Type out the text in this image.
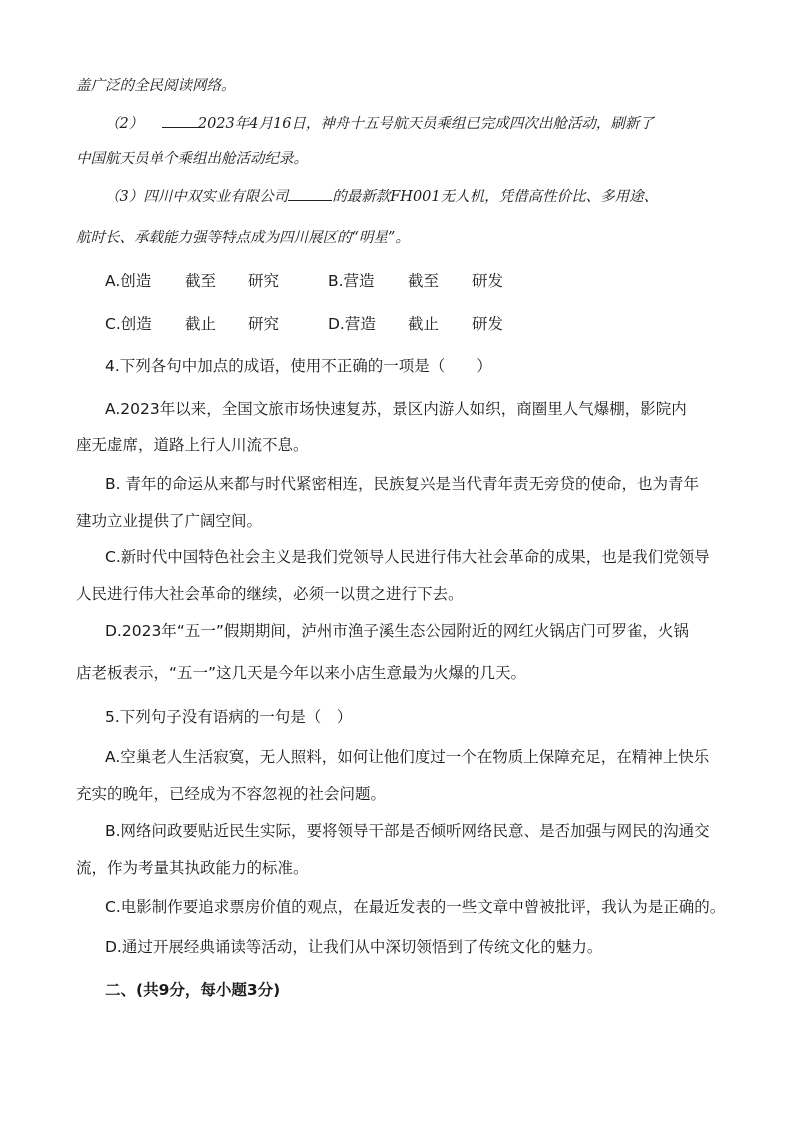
盖广泛的全民阅读网络。
（2）	2023年4月16日，神舟十五号航天员乘组已完成四次出舱活动，刷新了
中国航天员单个乘组出舱活动纪录。
（3）四川中双实业有限公司	的最新款FH001无人机，凭借高性价比、多用途、
航时长、承载能力强等特点成为四川展区的“明星”。
A.创造 截至 研究	B.营造 截至 研发
C.创造 截止 研究	D.营造 截止 研发
4.下列各句中加点的成语，使用不正确的一项是（　　）
A.2023年以来，全国文旅市场快速复苏，景区内游人如织，商圈里人气爆棚，影院内
座无虚席，道路上行人川流不息。
B. 青年的命运从来都与时代紧密相连，民族复兴是当代青年责无旁贷的使命，也为青年
建功立业提供了广阔空间。
C.新时代中国特色社会主义是我们党领导人民进行伟大社会革命的成果，也是我们党领导
人民进行伟大社会革命的继续，必须一以贯之进行下去。
D.2023年“五一”假期期间，泸州市渔子溪生态公园附近的网红火锅店门可罗雀，火锅
店老板表示，“五一”这几天是今年以来小店生意最为火爆的几天。
5.下列句子没有语病的一句是（　）
A.空巢老人生活寂寞，无人照料，如何让他们度过一个在物质上保障充足，在精神上快乐
充实的晚年，已经成为不容忽视的社会问题。
B.网络问政要贴近民生实际，要将领导干部是否倾听网络民意、是否加强与网民的沟通交
流，作为考量其执政能力的标准。
C.电影制作要追求票房价值的观点，在最近发表的一些文章中曾被批评，我认为是正确的。
D.通过开展经典诵读等活动，让我们从中深切领悟到了传统文化的魅力。
二、(共9分，每小题3分)
